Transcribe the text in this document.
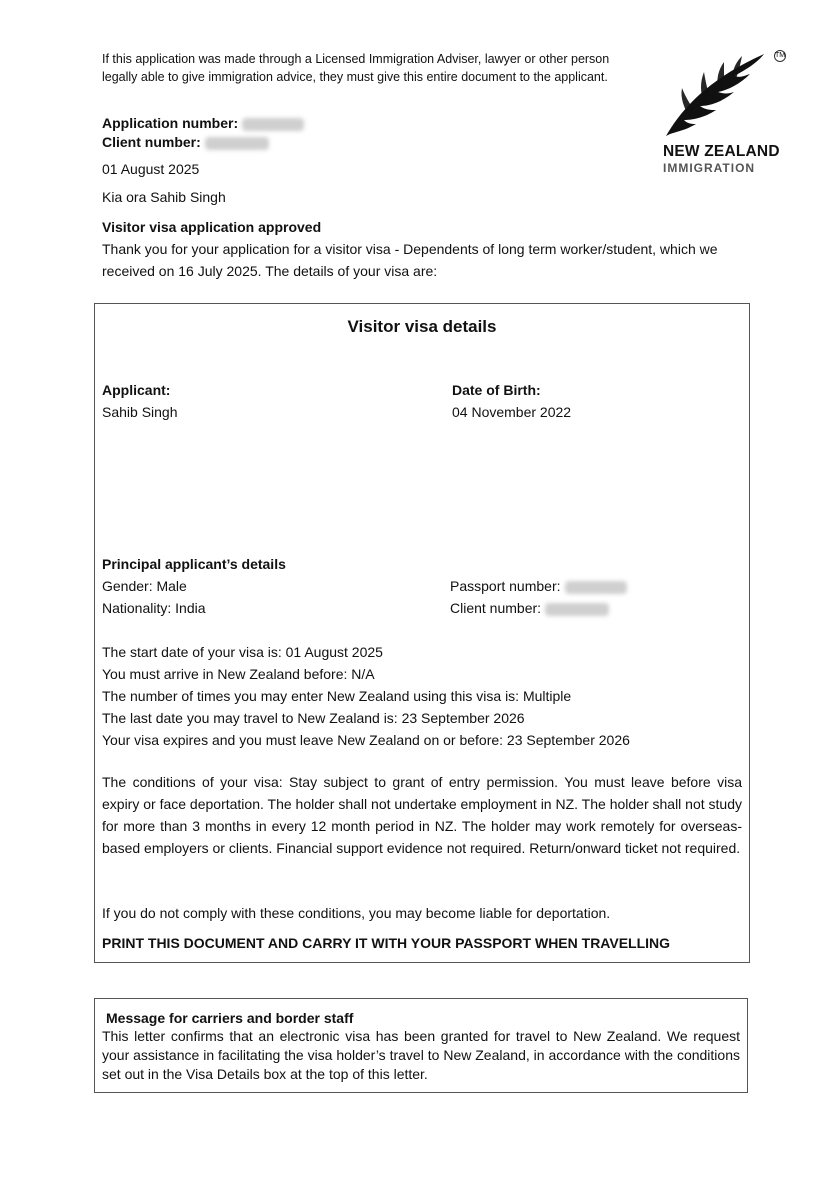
If this application was made through a Licensed Immigration Adviser, lawyer or other person legally able to give immigration advice, they must give this entire document to the applicant.
TM
NEW ZEALAND
IMMIGRATION
Application number:
Client number:
01 August 2025
Kia ora Sahib Singh
Visitor visa application approved
Thank you for your application for a visitor visa - Dependents of long term worker/student, which we received on 16 July 2025. The details of your visa are:
Visitor visa details
Applicant:
Sahib Singh
Date of Birth:
04 November 2022
Principal applicant’s details
Gender: Male
Nationality: India
Passport number:
Client number:
The start date of your visa is: 01 August 2025
You must arrive in New Zealand before: N/A
The number of times you may enter New Zealand using this visa is: Multiple
The last date you may travel to New Zealand is: 23 September 2026
Your visa expires and you must leave New Zealand on or before: 23 September 2026
The conditions of your visa: Stay subject to grant of entry permission. You must leave before visa expiry or face deportation. The holder shall not undertake employment in NZ. The holder shall not study for more than 3 months in every 12 month period in NZ. The holder may work remotely for overseas-based employers or clients. Financial support evidence not required. Return/onward ticket not required.
If you do not comply with these conditions, you may become liable for deportation.
PRINT THIS DOCUMENT AND CARRY IT WITH YOUR PASSPORT WHEN TRAVELLING
Message for carriers and border staff
This letter confirms that an electronic visa has been granted for travel to New Zealand. We request your assistance in facilitating the visa holder’s travel to New Zealand, in accordance with the conditions set out in the Visa Details box at the top of this letter.
